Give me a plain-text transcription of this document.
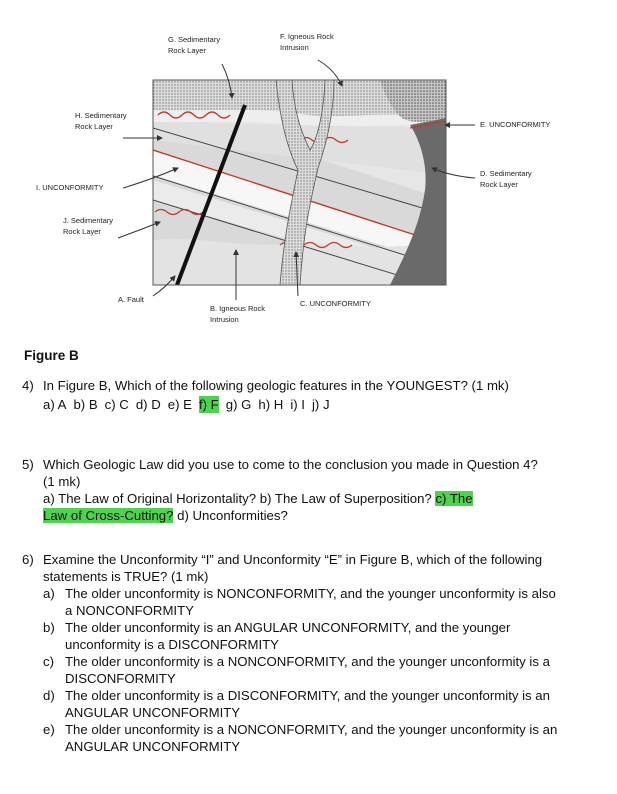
G. Sedimentary
Rock Layer
F. Igneous Rock
Intrusion
H. Sedimentary
Rock Layer	E. UNCONFORMITY
D. Sedimentary
Rock Layer
I. UNCONFORMITY
J. Sedimentary
Rock Layer
A. Fault
B. Igneous Rock
Intrusion
C. UNCONFORMITY
Figure B
4) In Figure B, Which of the following geologic features in the YOUNGEST? (1 mk)
a) A b) B c) C d) D e) E f) F g) G h) H i) I j) J
5) Which Geologic Law did you use to come to the conclusion you made in Question 4? (1 mk)
a) The Law of Original Horizontality? b) The Law of Superposition? c) The
Law of Cross-Cutting? d) Unconformities?
6) Examine the Unconformity “I” and Unconformity “E” in Figure B, which of the following statements is TRUE? (1 mk)
a) The older unconformity is NONCONFORMITY, and the younger unconformity is also a NONCONFORMITY
b) The older unconformity is an ANGULAR UNCONFORMITY, and the younger unconformity is a DISCONFORMITY
c) The older unconformity is a NONCONFORMITY, and the younger unconformity is a DISCONFORMITY
d) The older unconformity is a DISCONFORMITY, and the younger unconformity is an ANGULAR UNCONFORMITY
e) The older unconformity is a NONCONFORMITY, and the younger unconformity is an ANGULAR UNCONFORMITY
